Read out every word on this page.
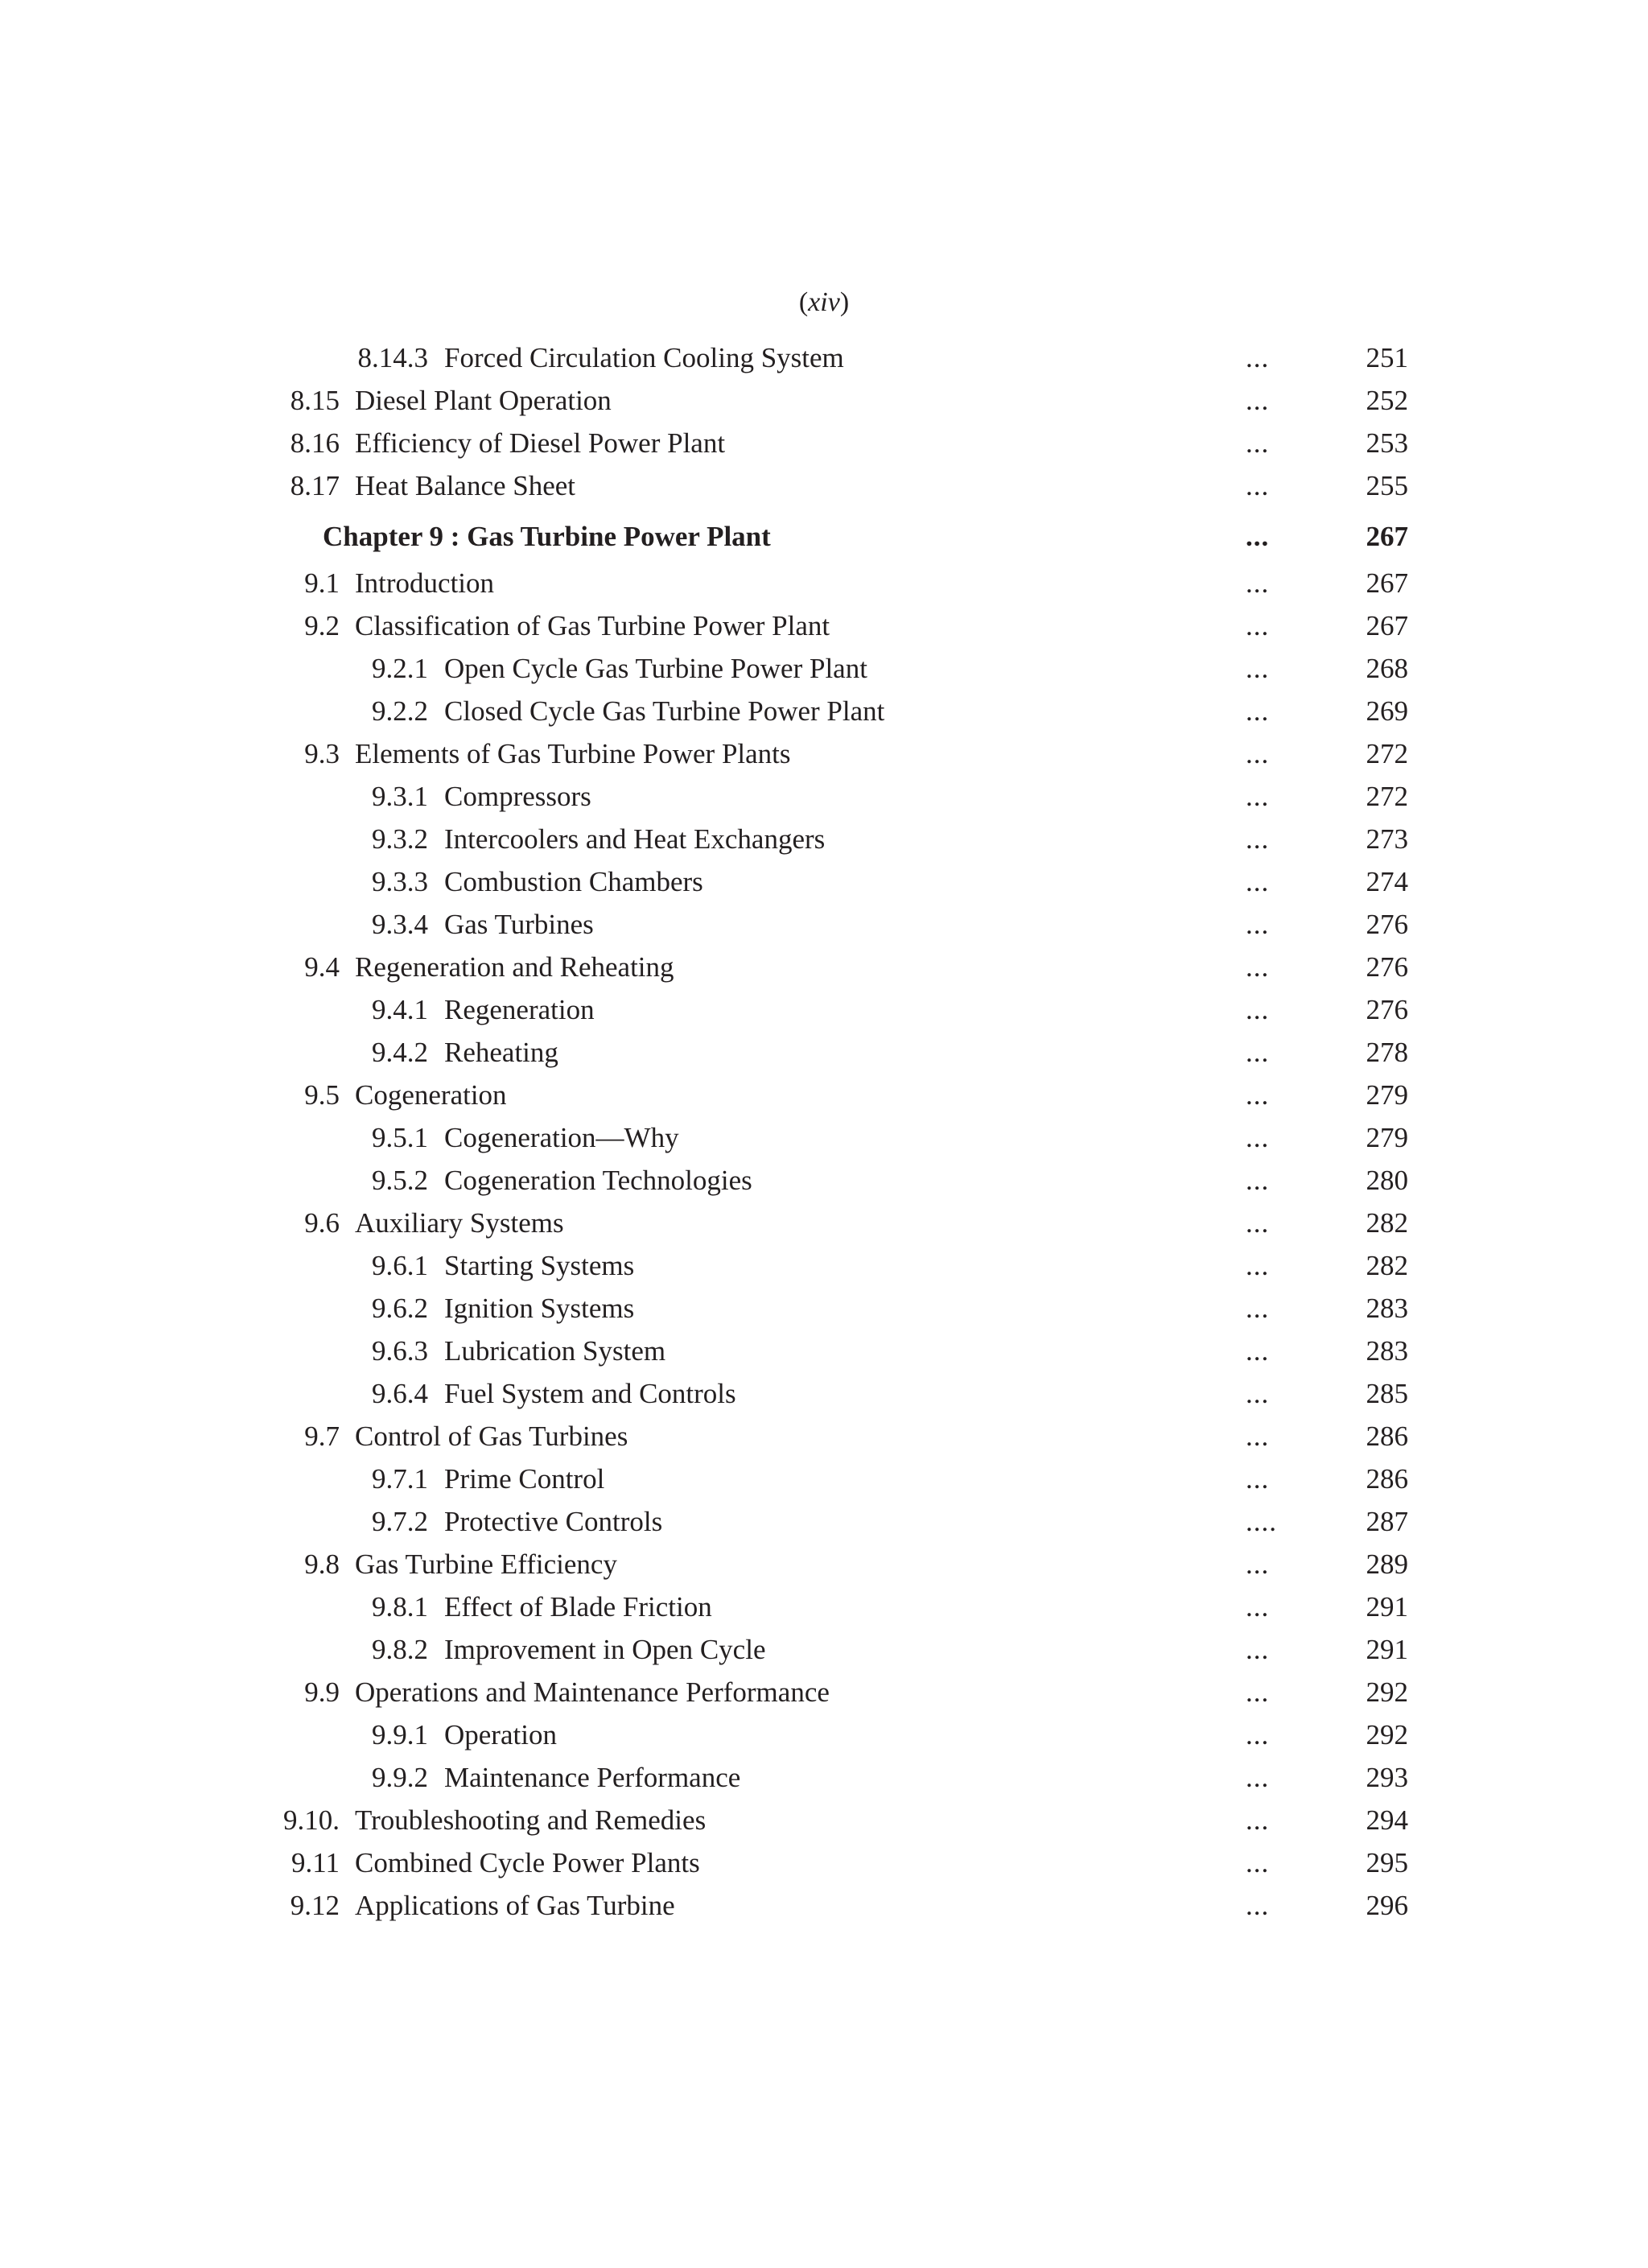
(xiv)
8.14.3 Forced Circulation Cooling System	...	251
8.15 Diesel Plant Operation	...	252
8.16 Efficiency of Diesel Power Plant	...	253
8.17 Heat Balance Sheet	...	255
Chapter 9 : Gas Turbine Power Plant	...	267
9.1 Introduction	...	267
9.2 Classification of Gas Turbine Power Plant	...	267
9.2.1 Open Cycle Gas Turbine Power Plant	...	268
9.2.2 Closed Cycle Gas Turbine Power Plant	...	269
9.3 Elements of Gas Turbine Power Plants	...	272
9.3.1 Compressors	...	272
9.3.2 Intercoolers and Heat Exchangers	...	273
9.3.3 Combustion Chambers	...	274
9.3.4 Gas Turbines	...	276
9.4 Regeneration and Reheating	...	276
9.4.1 Regeneration	...	276
9.4.2 Reheating	...	278
9.5 Cogeneration	...	279
9.5.1 Cogeneration—Why	...	279
9.5.2 Cogeneration Technologies	...	280
9.6 Auxiliary Systems	...	282
9.6.1 Starting Systems	...	282
9.6.2 Ignition Systems	...	283
9.6.3 Lubrication System	...	283
9.6.4 Fuel System and Controls	...	285
9.7 Control of Gas Turbines	...	286
9.7.1 Prime Control	...	286
9.7.2 Protective Controls	....	287
9.8 Gas Turbine Efficiency	...	289
9.8.1 Effect of Blade Friction	...	291
9.8.2 Improvement in Open Cycle	...	291
9.9 Operations and Maintenance Performance	...	292
9.9.1 Operation	...	292
9.9.2 Maintenance Performance	...	293
9.10. Troubleshooting and Remedies	...	294
9.11 Combined Cycle Power Plants	...	295
9.12 Applications of Gas Turbine	...	296
